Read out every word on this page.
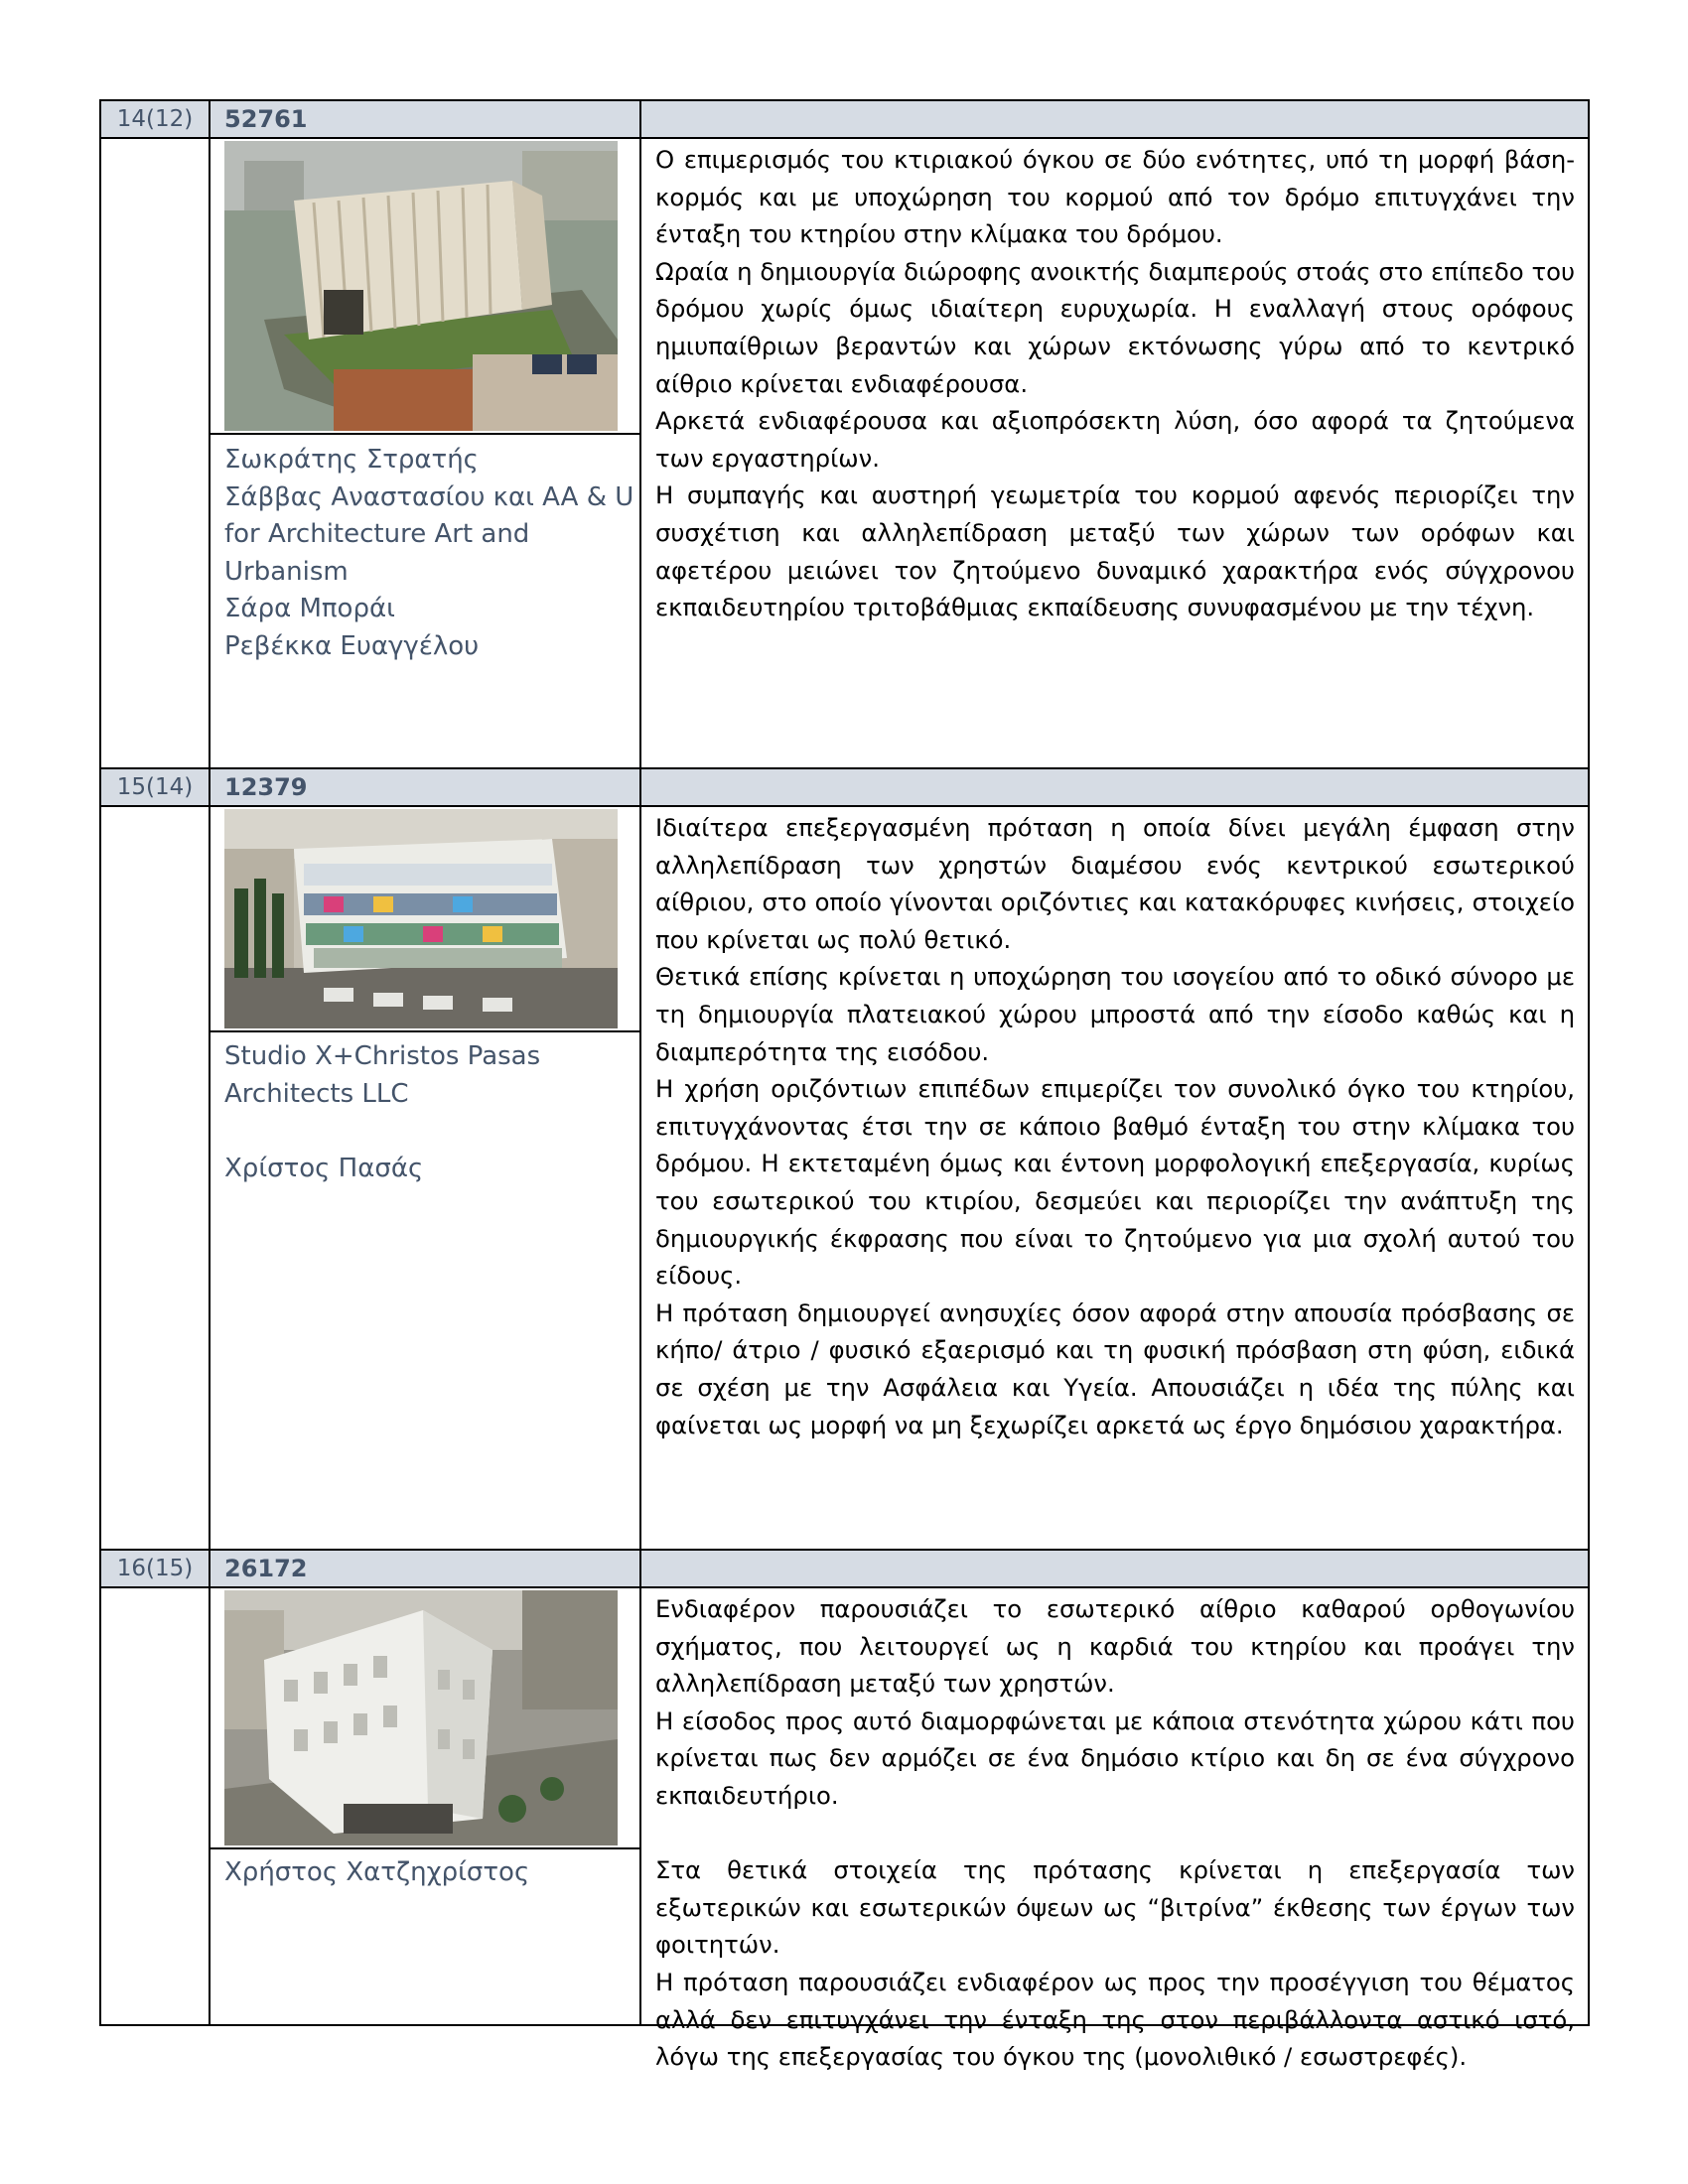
14(12)	52761
Σωκράτης Στρατής
Σάββας Αναστασίου και AA & U
for Architecture Art and
Urbanism
Σάρα Μποράι
Ρεβέκκα Ευαγγέλου

Ο επιμερισμός του κτιριακού όγκου σε δύο ενότητες, υπό τη μορφή βάση-κορμός και με υποχώρηση του κορμού από τον δρόμο επιτυγχάνει την ένταξη του κτηρίου στην κλίμακα του δρόμου.

Ωραία η δημιουργία διώροφης ανοικτής διαμπερούς στοάς στο επίπεδο του δρόμου χωρίς όμως ιδιαίτερη ευρυχωρία. Η εναλλαγή στους ορόφους ημιυπαίθριων βεραντών και χώρων εκτόνωσης γύρω από το κεντρικό αίθριο κρίνεται ενδιαφέρουσα.

Αρκετά ενδιαφέρουσα και αξιοπρόσεκτη λύση, όσο αφορά τα ζητούμενα των εργαστηρίων.

Η συμπαγής και αυστηρή γεωμετρία του κορμού αφενός περιορίζει την συσχέτιση και αλληλεπίδραση μεταξύ των χώρων των ορόφων και αφετέρου μειώνει τον ζητούμενο δυναμικό χαρακτήρα ενός σύγχρονου εκπαιδευτηρίου τριτοβάθμιας εκπαίδευσης συνυφασμένου με την τέχνη.

15(14)	12379
Studio X+Christos Pasas
Architects LLC
Χρίστος Πασάς

Ιδιαίτερα επεξεργασμένη πρόταση η οποία δίνει μεγάλη έμφαση στην αλληλεπίδραση των χρηστών διαμέσου ενός κεντρικού εσωτερικού αίθριου, στο οποίο γίνονται οριζόντιες και κατακόρυφες κινήσεις, στοιχείο που κρίνεται ως πολύ θετικό.

Θετικά επίσης κρίνεται η υποχώρηση του ισογείου από το οδικό σύνορο με τη δημιουργία πλατειακού χώρου μπροστά από την είσοδο καθώς και η διαμπερότητα της εισόδου.

Η χρήση οριζόντιων επιπέδων επιμερίζει τον συνολικό όγκο του κτηρίου, επιτυγχάνοντας έτσι την σε κάποιο βαθμό ένταξη του στην κλίμακα του δρόμου. Η εκτεταμένη όμως και έντονη μορφολογική επεξεργασία, κυρίως του εσωτερικού του κτιρίου, δεσμεύει και περιορίζει την ανάπτυξη της δημιουργικής έκφρασης που είναι το ζητούμενο για μια σχολή αυτού του είδους.

Η πρόταση δημιουργεί ανησυχίες όσον αφορά στην απουσία πρόσβασης σε κήπο/ άτριο / φυσικό εξαερισμό και τη φυσική πρόσβαση στη φύση, ειδικά σε σχέση με την Ασφάλεια και Υγεία. Απουσιάζει η ιδέα της πύλης και φαίνεται ως μορφή να μη ξεχωρίζει αρκετά ως έργο δημόσιου χαρακτήρα.

16(15)	26172
Χρήστος Χατζηχρίστος

Ενδιαφέρον παρουσιάζει το εσωτερικό αίθριο καθαρού ορθογωνίου σχήματος, που λειτουργεί ως η καρδιά του κτηρίου και προάγει την αλληλεπίδραση μεταξύ των χρηστών.

Η είσοδος προς αυτό διαμορφώνεται με κάποια στενότητα χώρου κάτι που κρίνεται πως δεν αρμόζει σε ένα δημόσιο κτίριο και δη σε ένα σύγχρονο εκπαιδευτήριο.

Στα θετικά στοιχεία της πρότασης κρίνεται η επεξεργασία των εξωτερικών και εσωτερικών όψεων ως “βιτρίνα” έκθεσης των έργων των φοιτητών.

Η πρόταση παρουσιάζει ενδιαφέρον ως προς την προσέγγιση του θέματος αλλά δεν επιτυγχάνει την ένταξη της στον περιβάλλοντα αστικό ιστό, λόγω της επεξεργασίας του όγκου της (μονολιθικό / εσωστρεφές).
